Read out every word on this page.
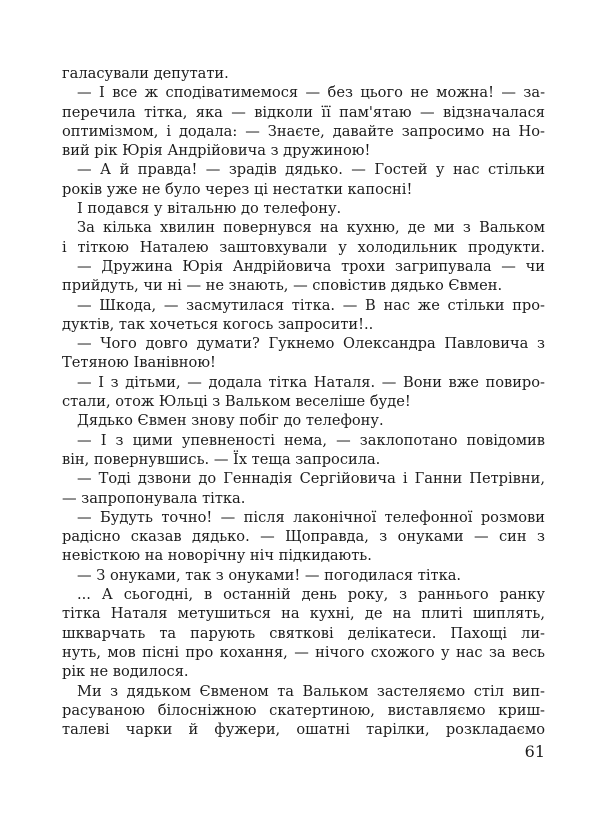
галасували депутати.
— І все ж сподіватимемося — без цього не можна! — за-
перечила тітка, яка — відколи її пам'ятаю — відзначалася
оптимізмом, і додала: — Знаєте, давайте запросимо на Но-
вий рік Юрія Андрійовича з дружиною!
— А й правда! — зрадів дядько. — Гостей у нас стільки
років уже не було через ці нестатки капосні!
І подався у вітальню до телефону.
За кілька хвилин повернувся на кухню, де ми з Вальком
і тіткою Наталею заштовхували у холодильник продукти.
— Дружина Юрія Андрійовича трохи загрипувала — чи
прийдуть, чи ні — не знають, — сповістив дядько Євмен.
— Шкода, — засмутилася тітка. — В нас же стільки про-
дуктів, так хочеться когось запросити!..
— Чого довго думати? Гукнемо Олександра Павловича з
Тетяною Іванівною!
— І з дітьми, — додала тітка Наталя. — Вони вже повиро-
стали, отож Юльці з Вальком веселіше буде!
Дядько Євмен знову побіг до телефону.
— І з цими упевненості нема, — заклопотано повідомив
він, повернувшись. — Їх теща запросила.
— Тоді дзвони до Геннадія Сергійовича і Ганни Петрівни,
— запропонувала тітка.
— Будуть точно! — після лаконічної телефонної розмови
радісно сказав дядько. — Щоправда, з онуками — син з
невісткою на новорічну ніч підкидають.
— З онуками, так з онуками! — погодилася тітка.
... А сьогодні, в останній день року, з раннього ранку
тітка Наталя метушиться на кухні, де на плиті шиплять,
шкварчать та парують святкові делікатеси. Пахощі ли-
нуть, мов пісні про кохання, — нічого схожого у нас за весь
рік не водилося.
Ми з дядьком Євменом та Вальком застеляємо стіл вип-
расуваною білосніжною скатертиною, виставляємо криш-
талеві чарки й фужери, ошатні тарілки, розкладаємо
61
